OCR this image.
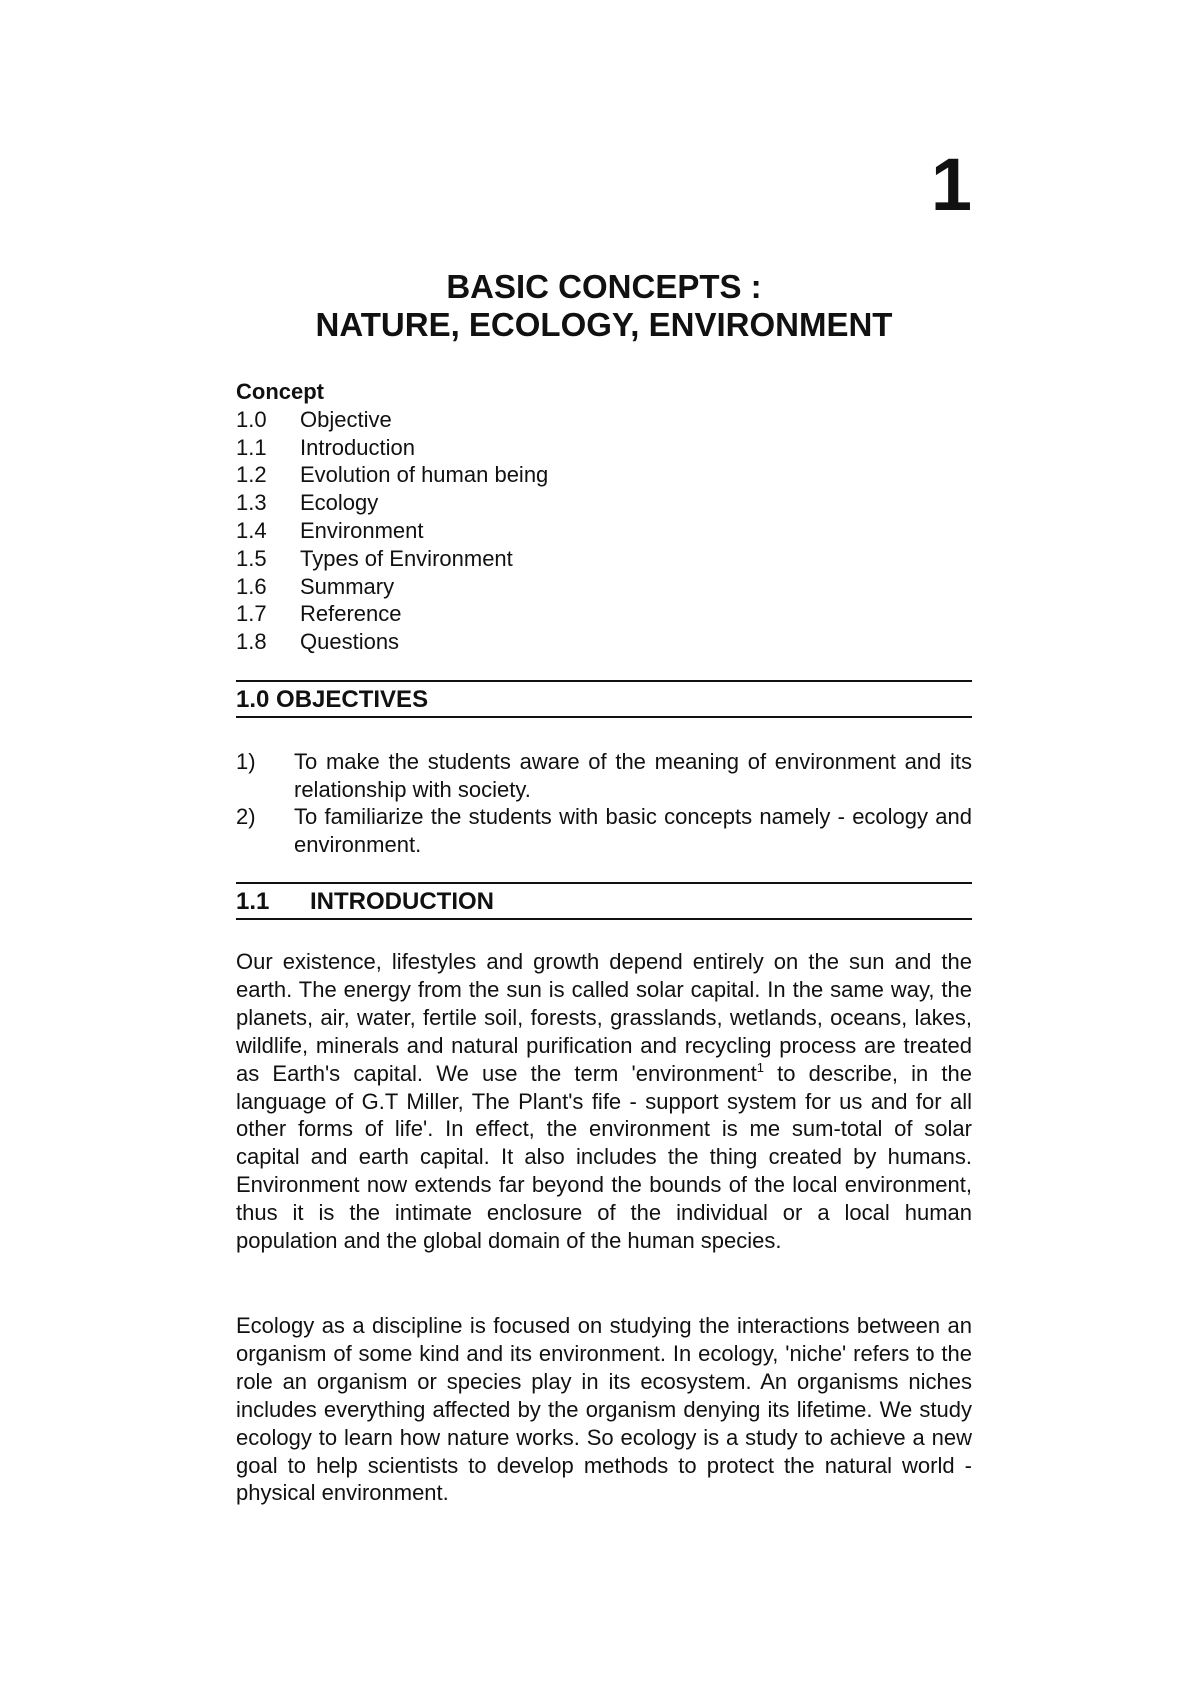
1
BASIC CONCEPTS :
NATURE, ECOLOGY, ENVIRONMENT
Concept
1.0	Objective
1.1	Introduction
1.2	Evolution of human being
1.3	Ecology
1.4	Environment
1.5	Types of Environment
1.6	Summary
1.7	Reference
1.8	Questions
1.0 OBJECTIVES
1)	To make the students aware of the meaning of environment and its relationship with society.
2)	To familiarize the students with basic concepts namely - ecology and environment.
1.1	INTRODUCTION

Our existence, lifestyles and growth depend entirely on the sun and the earth. The energy from the sun is called solar capital. In the same way, the planets, air, water, fertile soil, forests, grasslands, wetlands, oceans, lakes, wildlife, minerals and natural purification and recycling process are treated as Earth's capital. We use the term 'environment$^1$ to describe, in the language of G.T Miller, The Plant's fife - support system for us and for all other forms of life'. In effect, the environment is me sum-total of solar capital and earth capital. It also includes the thing created by humans. Environment now extends far beyond the bounds of the local environment, thus it is the intimate enclosure of the individual or a local human population and the global domain of the human species.

Ecology as a discipline is focused on studying the interactions between an organism of some kind and its environment. In ecology, 'niche' refers to the role an organism or species play in its ecosystem. An organisms niches includes everything affected by the organism denying its lifetime. We study ecology to learn how nature works. So ecology is a study to achieve a new goal to help scientists to develop methods to protect the natural world - physical environment.
